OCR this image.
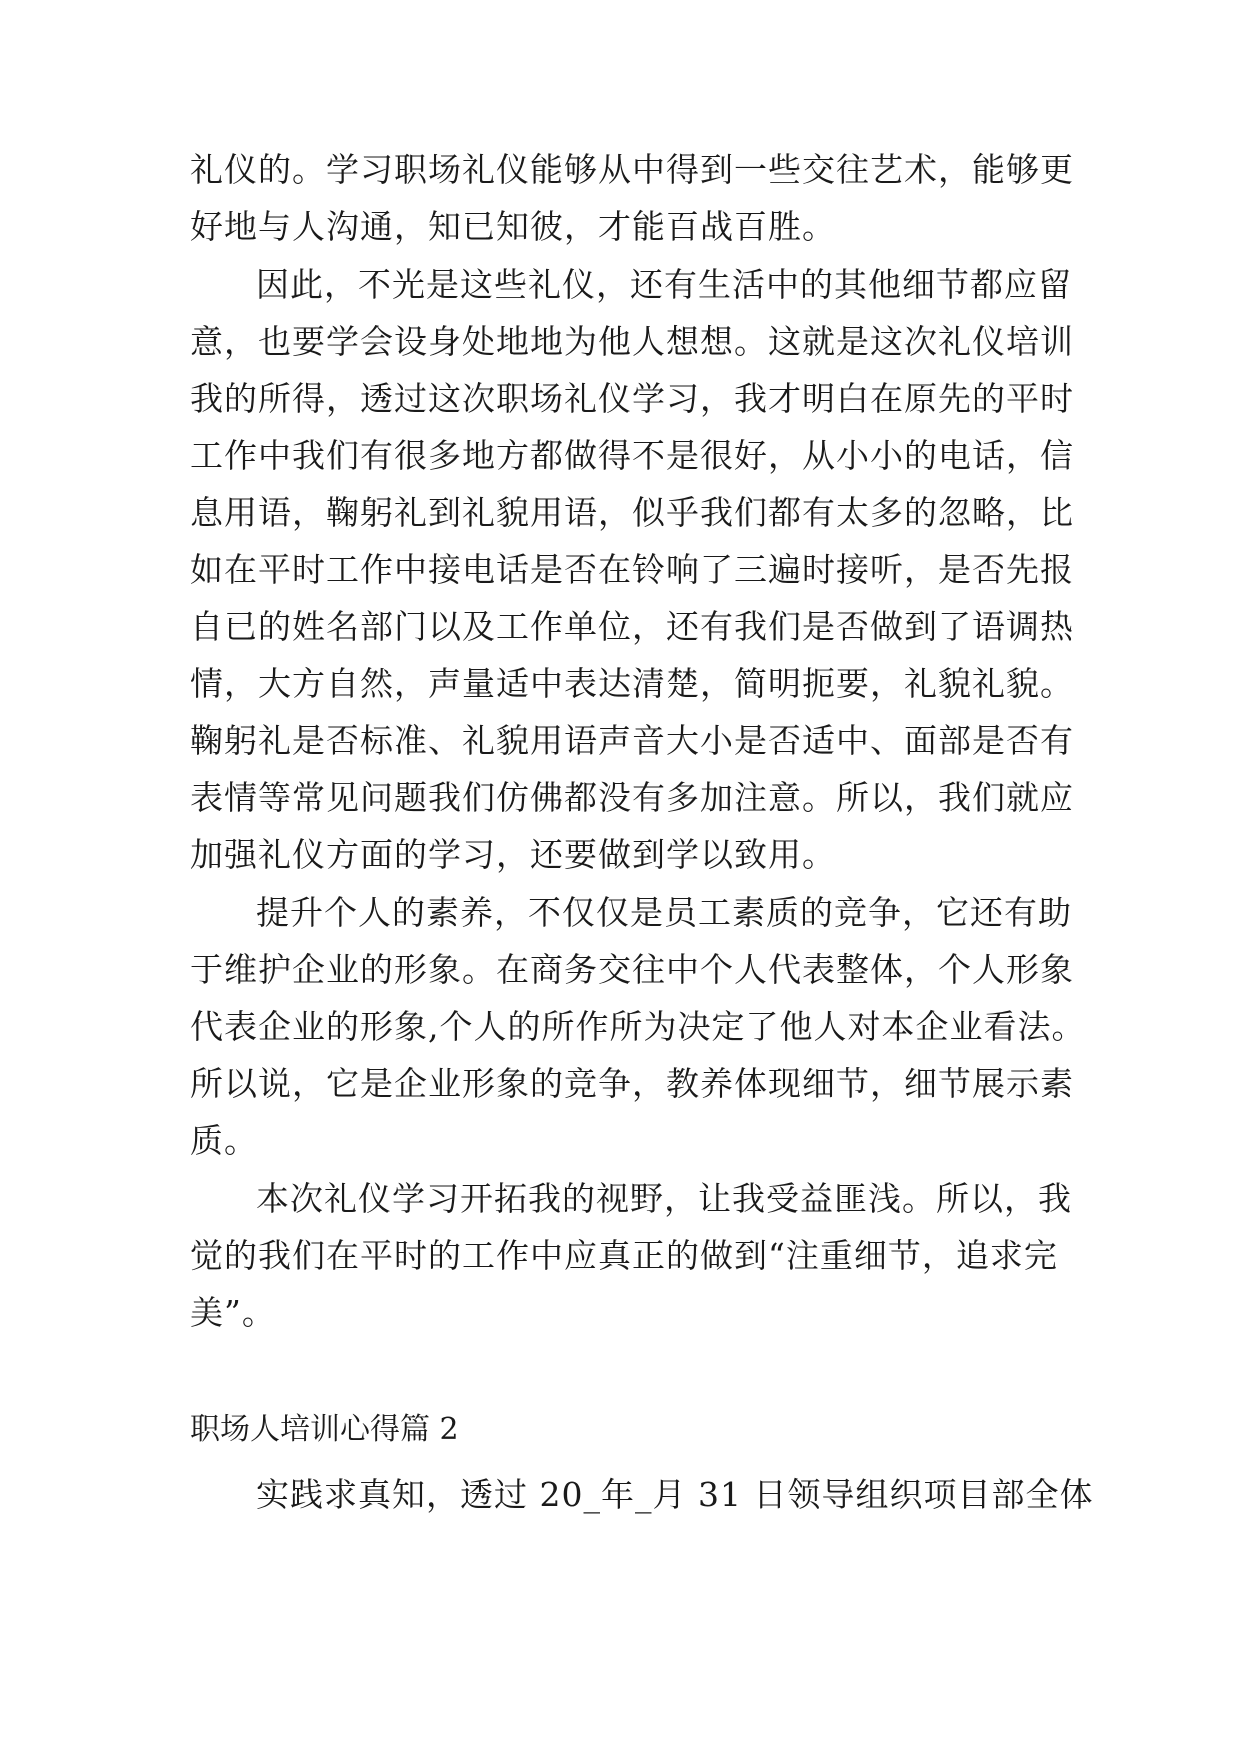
礼仪的。学习职场礼仪能够从中得到一些交往艺术，能够更
好地与人沟通，知已知彼，才能百战百胜。
因此，不光是这些礼仪，还有生活中的其他细节都应留
意，也要学会设身处地地为他人想想。这就是这次礼仪培训
我的所得，透过这次职场礼仪学习，我才明白在原先的平时
工作中我们有很多地方都做得不是很好，从小小的电话，信
息用语，鞠躬礼到礼貌用语，似乎我们都有太多的忽略，比
如在平时工作中接电话是否在铃响了三遍时接听，是否先报
自已的姓名部门以及工作单位，还有我们是否做到了语调热
情，大方自然，声量适中表达清楚，简明扼要，礼貌礼貌。
鞠躬礼是否标准、礼貌用语声音大小是否适中、面部是否有
表情等常见问题我们仿佛都没有多加注意。所以，我们就应
加强礼仪方面的学习，还要做到学以致用。
提升个人的素养，不仅仅是员工素质的竞争，它还有助
于维护企业的形象。在商务交往中个人代表整体，个人形象
代表企业的形象,个人的所作所为决定了他人对本企业看法。
所以说，它是企业形象的竞争，教养体现细节，细节展示素
质。
本次礼仪学习开拓我的视野，让我受益匪浅。所以，我
觉的我们在平时的工作中应真正的做到“注重细节，追求完
美”。
职场人培训心得篇 2
实践求真知，透过 20_年_月 31 日领导组织项目部全体
